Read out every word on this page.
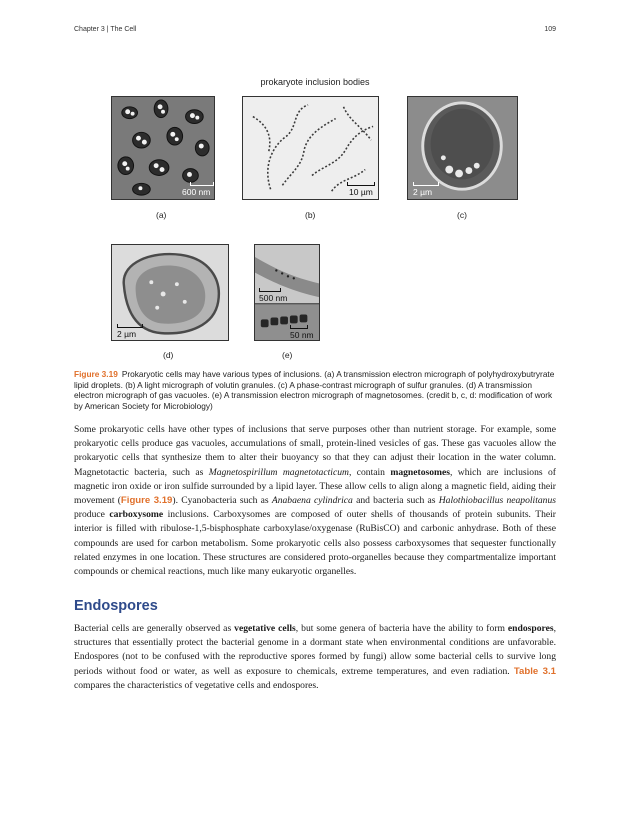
Chapter 3 | The Cell	109
prokaryote inclusion bodies
600 nm
(a)
10 µm
(b)
2 µm
(c)
2 µm
(d)
500 nm
50 nm
(e)
Figure 3.19 Prokaryotic cells may have various types of inclusions. (a) A transmission electron micrograph of polyhydroxybutryrate lipid droplets. (b) A light micrograph of volutin granules. (c) A phase-contrast micrograph of sulfur granules. (d) A transmission electron micrograph of gas vacuoles. (e) A transmission electron micrograph of magnetosomes. (credit b, c, d: modification of work by American Society for Microbiology)
Some prokaryotic cells have other types of inclusions that serve purposes other than nutrient storage. For example, some prokaryotic cells produce gas vacuoles, accumulations of small, protein-lined vesicles of gas. These gas vacuoles allow the prokaryotic cells that synthesize them to alter their buoyancy so that they can adjust their location in the water column. Magnetotactic bacteria, such as Magnetospirillum magnetotacticum, contain magnetosomes, which are inclusions of magnetic iron oxide or iron sulfide surrounded by a lipid layer. These allow cells to align along a magnetic field, aiding their movement (Figure 3.19). Cyanobacteria such as Anabaena cylindrica and bacteria such as Halothiobacillus neapolitanus produce carboxysome inclusions. Carboxysomes are composed of outer shells of thousands of protein subunits. Their interior is filled with ribulose-1,5-bisphosphate carboxylase/oxygenase (RuBisCO) and carbonic anhydrase. Both of these compounds are used for carbon metabolism. Some prokaryotic cells also possess carboxysomes that sequester functionally related enzymes in one location. These structures are considered proto-organelles because they compartmentalize important compounds or chemical reactions, much like many eukaryotic organelles.
Endospores
Bacterial cells are generally observed as vegetative cells, but some genera of bacteria have the ability to form endospores, structures that essentially protect the bacterial genome in a dormant state when environmental conditions are unfavorable. Endospores (not to be confused with the reproductive spores formed by fungi) allow some bacterial cells to survive long periods without food or water, as well as exposure to chemicals, extreme temperatures, and even radiation. Table 3.1 compares the characteristics of vegetative cells and endospores.
